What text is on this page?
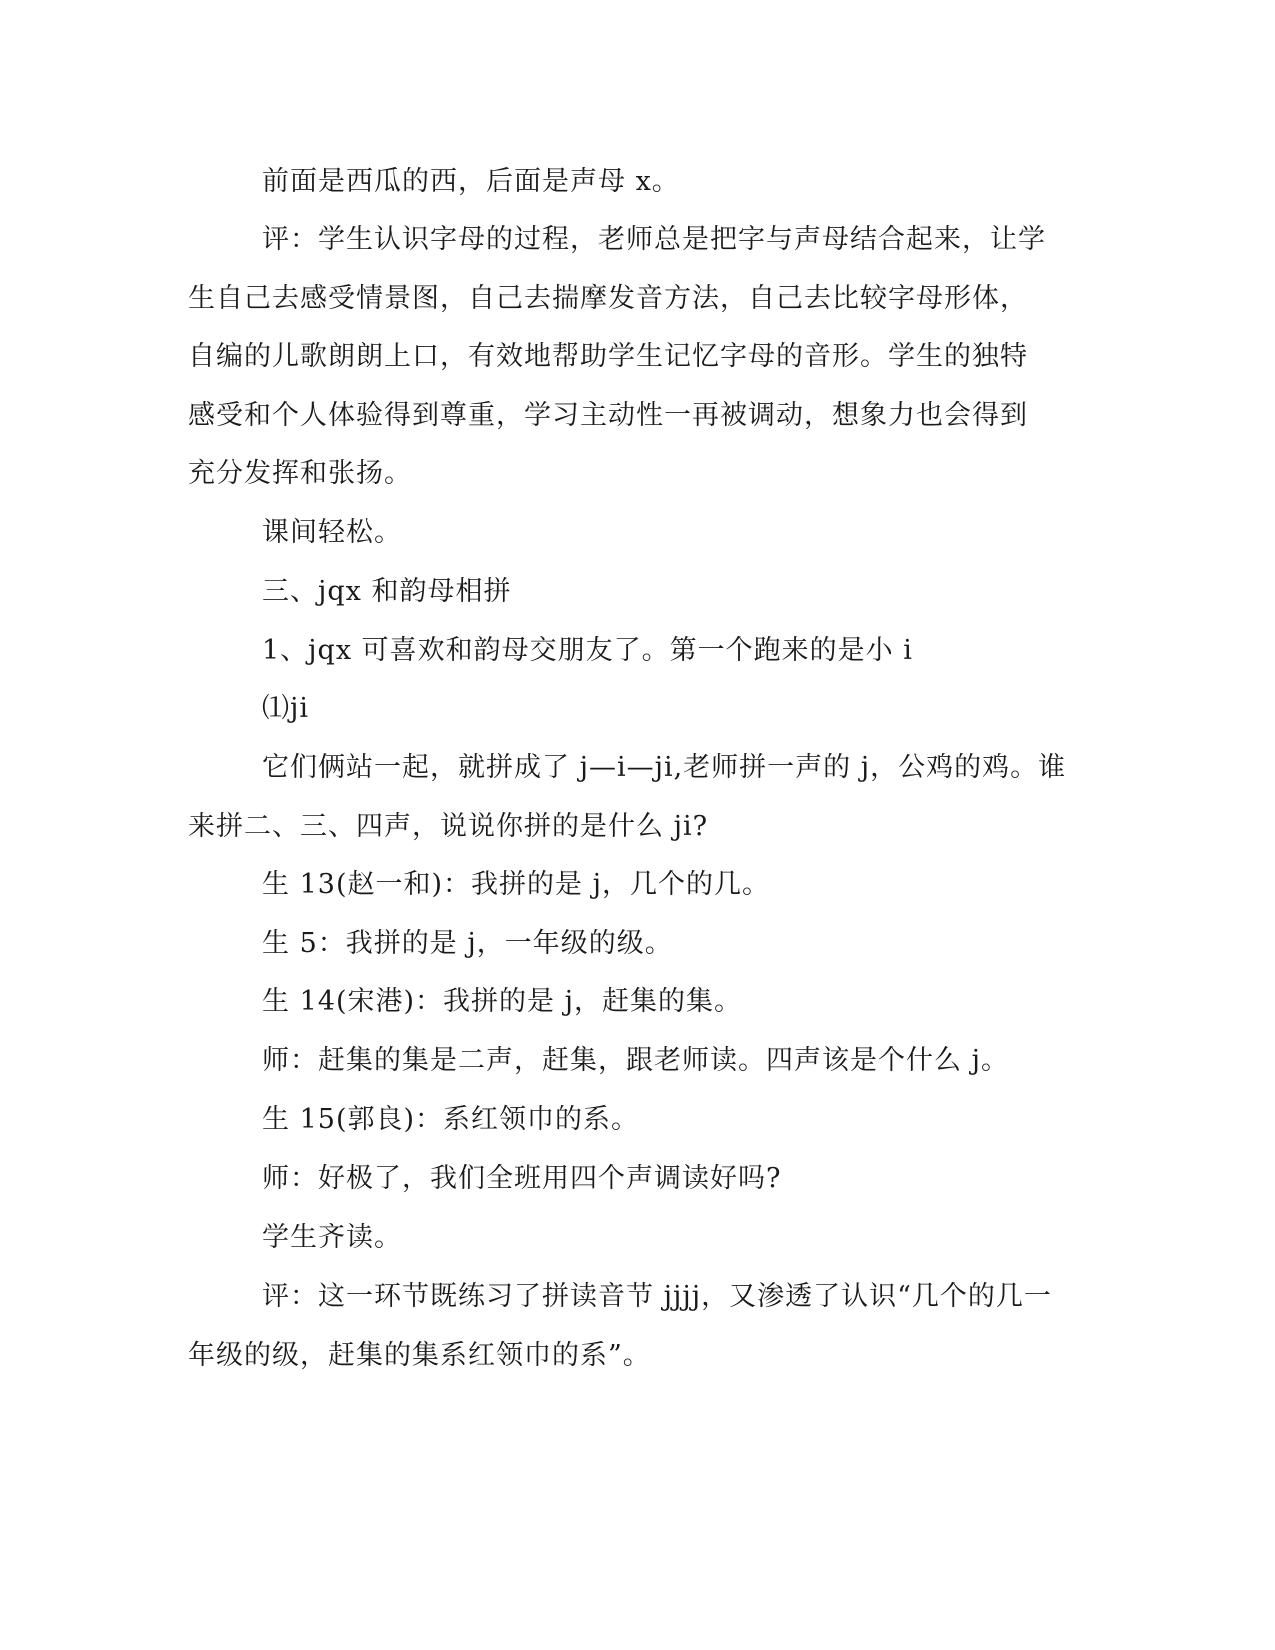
前面是西瓜的西，后面是声母 x。
评：学生认识字母的过程，老师总是把字与声母结合起来，让学
生自己去感受情景图，自己去揣摩发音方法，自己去比较字母形体，
自编的儿歌朗朗上口，有效地帮助学生记忆字母的音形。学生的独特
感受和个人体验得到尊重，学习主动性一再被调动，想象力也会得到
充分发挥和张扬。
课间轻松。
三、jqx 和韵母相拼
1、jqx 可喜欢和韵母交朋友了。第一个跑来的是小 i
⑴ji
它们俩站一起，就拼成了 j—i—ji,老师拼一声的 j，公鸡的鸡。谁
来拼二、三、四声，说说你拼的是什么 ji?
生 13(赵一和)：我拼的是 j，几个的几。
生 5：我拼的是 j，一年级的级。
生 14(宋港)：我拼的是 j，赶集的集。
师：赶集的集是二声，赶集，跟老师读。四声该是个什么 j。
生 15(郭良)：系红领巾的系。
师：好极了，我们全班用四个声调读好吗?
学生齐读。
评：这一环节既练习了拼读音节 jjjj，又渗透了认识“几个的几一
年级的级，赶集的集系红领巾的系”。
